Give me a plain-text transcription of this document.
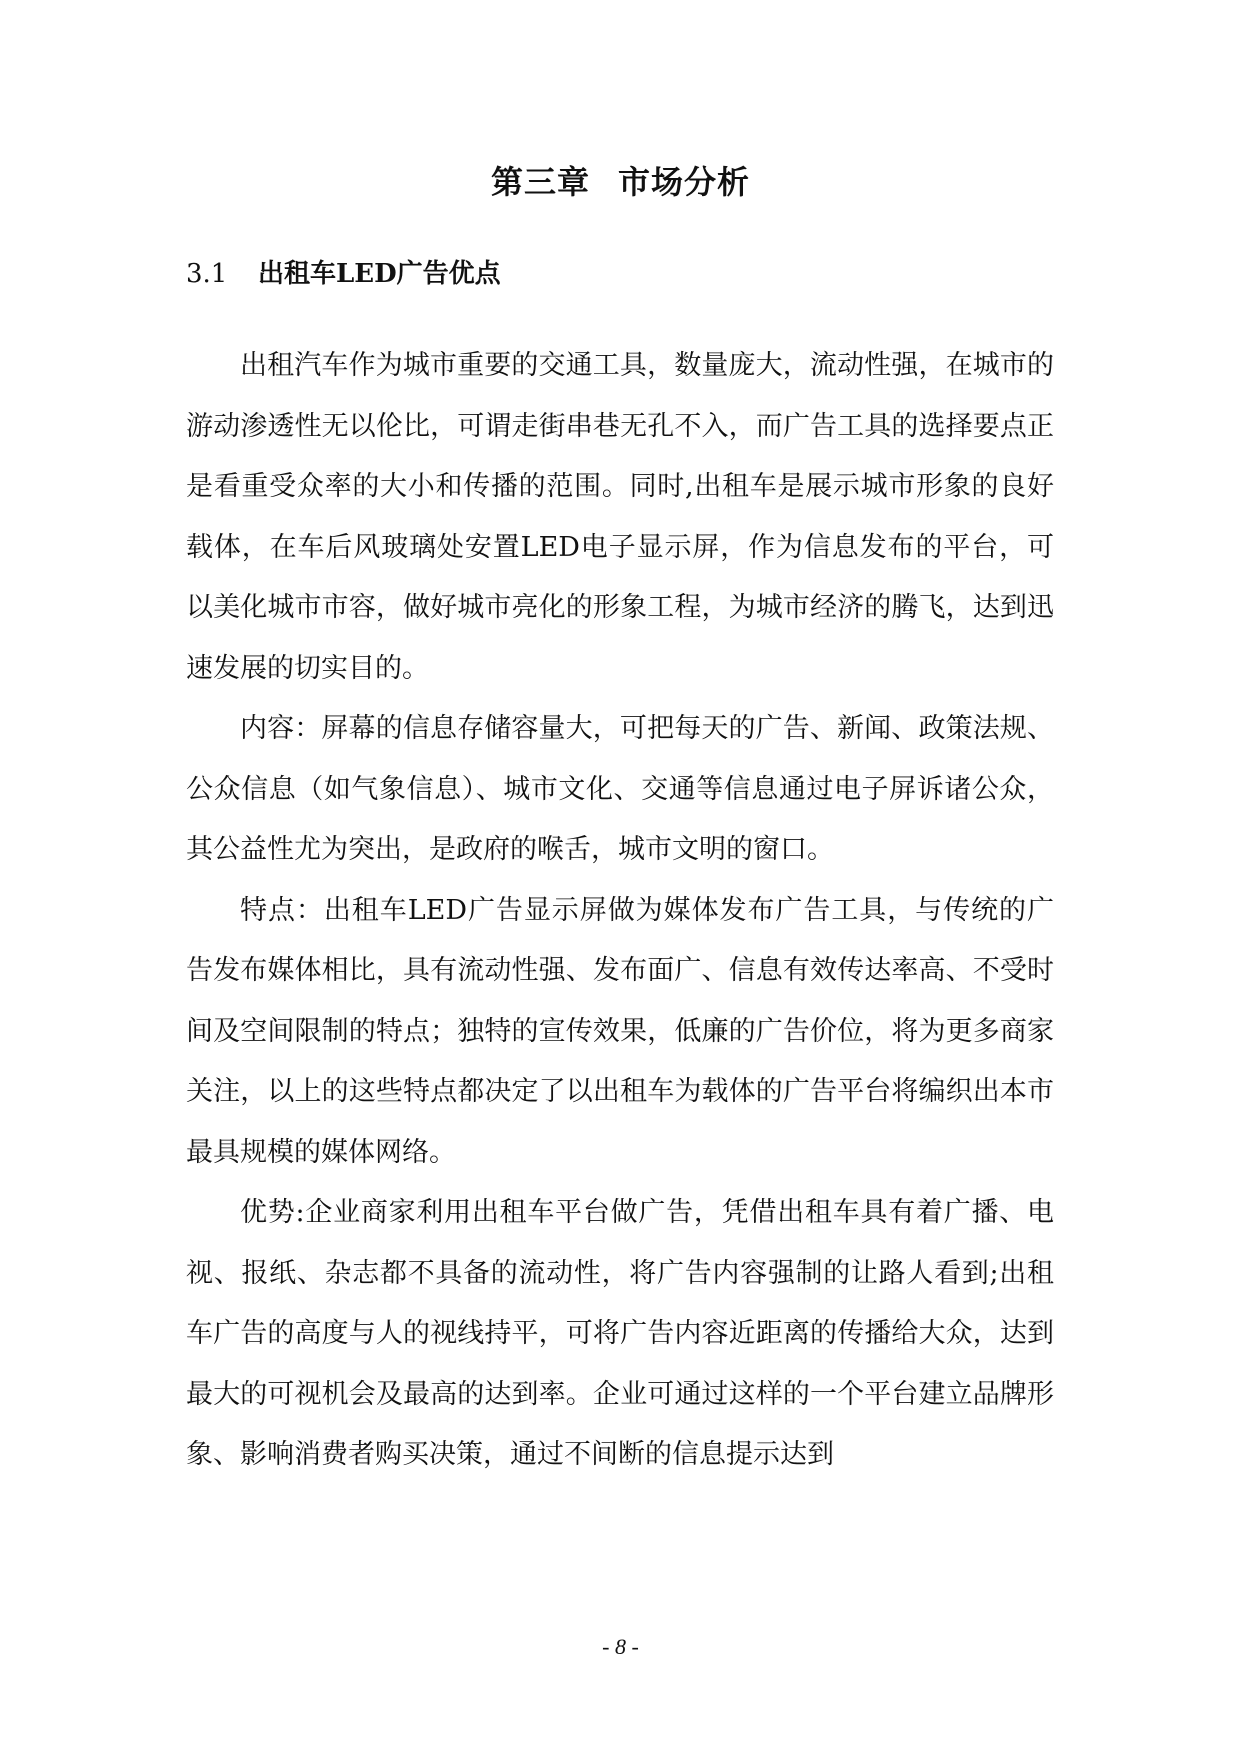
第三章 市场分析
3.1 出租车LED广告优点

出租汽车作为城市重要的交通工具，数量庞大，流动性强，在城市的游动渗透性无以伦比，可谓走街串巷无孔不入，而广告工具的选择要点正是看重受众率的大小和传播的范围。同时,出租车是展示城市形象的良好载体，在车后风玻璃处安置LED电子显示屏，作为信息发布的平台，可以美化城市市容，做好城市亮化的形象工程，为城市经济的腾飞，达到迅速发展的切实目的。

内容：屏幕的信息存储容量大，可把每天的广告、新闻、政策法规、公众信息（如气象信息）、城市文化、交通等信息通过电子屏诉诸公众，其公益性尤为突出，是政府的喉舌，城市文明的窗口。

特点：出租车LED广告显示屏做为媒体发布广告工具，与传统的广告发布媒体相比，具有流动性强、发布面广、信息有效传达率高、不受时间及空间限制的特点；独特的宣传效果，低廉的广告价位，将为更多商家关注，以上的这些特点都决定了以出租车为载体的广告平台将编织出本市最具规模的媒体网络。

优势:企业商家利用出租车平台做广告，凭借出租车具有着广播、电视、报纸、杂志都不具备的流动性，将广告内容强制的让路人看到;出租车广告的高度与人的视线持平，可将广告内容近距离的传播给大众，达到最大的可视机会及最高的达到率。企业可通过这样的一个平台建立品牌形象、影响消费者购买决策，通过不间断的信息提示达到

- 8 -
